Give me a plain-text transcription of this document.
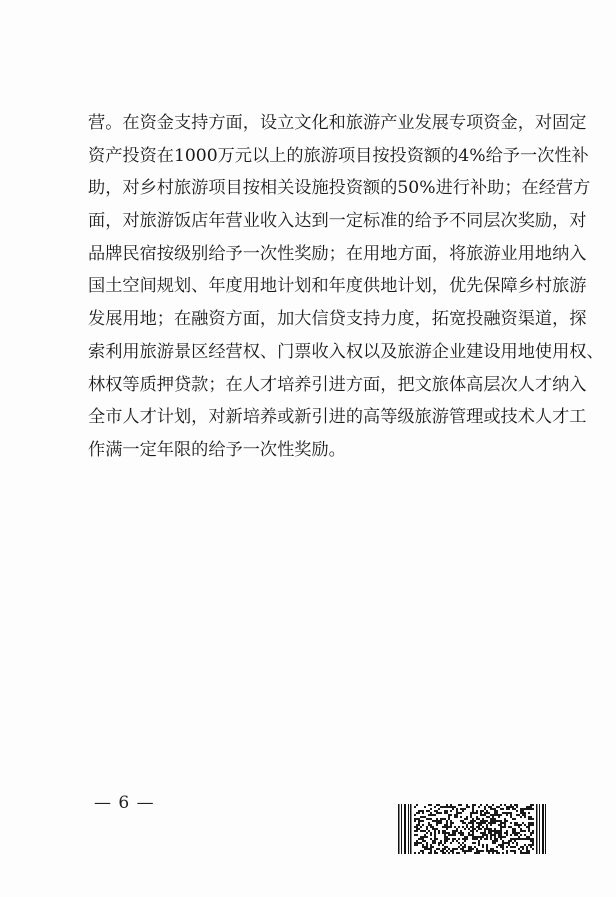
营。在资金支持方面，设立文化和旅游产业发展专项资金，对固定
资产投资在1000万元以上的旅游项目按投资额的4%给予一次性补
助，对乡村旅游项目按相关设施投资额的50%进行补助；在经营方
面，对旅游饭店年营业收入达到一定标准的给予不同层次奖励，对
品牌民宿按级别给予一次性奖励；在用地方面，将旅游业用地纳入
国土空间规划、年度用地计划和年度供地计划，优先保障乡村旅游
发展用地；在融资方面，加大信贷支持力度，拓宽投融资渠道，探
索利用旅游景区经营权、门票收入权以及旅游企业建设用地使用权、
林权等质押贷款；在人才培养引进方面，把文旅体高层次人才纳入
全市人才计划，对新培养或新引进的高等级旅游管理或技术人才工
作满一定年限的给予一次性奖励。
— 6 —
